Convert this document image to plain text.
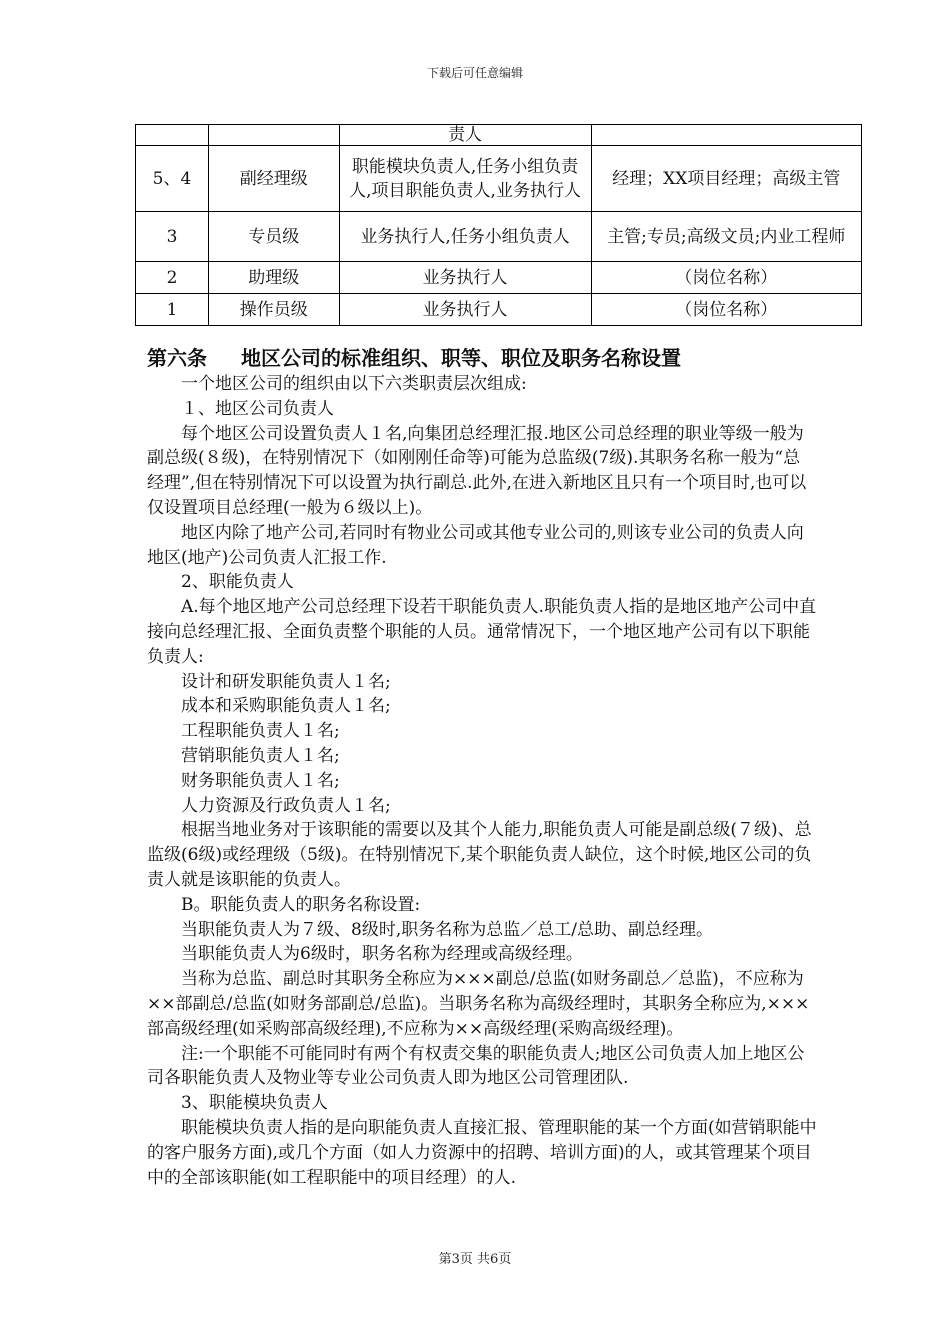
下载后可任意编辑
		责人	
5、4	副经理级	职能模块负责人,任务小组负责人,项目职能负责人,业务执行人	经理；XX项目经理；高级主管
3	专员级	业务执行人,任务小组负责人	主管;专员;高级文员;内业工程师
2	助理级	业务执行人	（岗位名称）
1	操作员级	业务执行人	（岗位名称）
第六条 地区公司的标准组织、职等、职位及职务名称设置

一个地区公司的组织由以下六类职责层次组成:

１、地区公司负责人

每个地区公司设置负责人１名,向集团总经理汇报.地区公司总经理的职业等级一般为副总级(８级)，在特别情况下（如刚刚任命等)可能为总监级(7级).其职务名称一般为“总经理”,但在特别情况下可以设置为执行副总.此外,在进入新地区且只有一个项目时,也可以仅设置项目总经理(一般为６级以上)。

地区内除了地产公司,若同时有物业公司或其他专业公司的,则该专业公司的负责人向地区(地产)公司负责人汇报工作.

2、职能负责人

A.每个地区地产公司总经理下设若干职能负责人.职能负责人指的是地区地产公司中直接向总经理汇报、全面负责整个职能的人员。通常情况下，一个地区地产公司有以下职能负责人:

设计和研发职能负责人１名;

成本和采购职能负责人１名;

工程职能负责人１名;

营销职能负责人１名;

财务职能负责人１名;

人力资源及行政负责人１名;

根据当地业务对于该职能的需要以及其个人能力,职能负责人可能是副总级(７级)、总监级(6级)或经理级（5级)。在特别情况下,某个职能负责人缺位，这个时候,地区公司的负责人就是该职能的负责人。

B。职能负责人的职务名称设置:

当职能负责人为７级、8级时,职务名称为总监／总工/总助、副总经理。

当职能负责人为6级时，职务名称为经理或高级经理。

当称为总监、副总时其职务全称应为×××副总/总监(如财务副总／总监)，不应称为××部副总/总监(如财务部副总/总监)。当职务名称为高级经理时，其职务全称应为,×××部高级经理(如采购部高级经理),不应称为××高级经理(采购高级经理)。

注:一个职能不可能同时有两个有权责交集的职能负责人;地区公司负责人加上地区公司各职能负责人及物业等专业公司负责人即为地区公司管理团队.

3、职能模块负责人

职能模块负责人指的是向职能负责人直接汇报、管理职能的某一个方面(如营销职能中的客户服务方面),或几个方面（如人力资源中的招聘、培训方面)的人，或其管理某个项目中的全部该职能(如工程职能中的项目经理）的人.

第3页 共6页
